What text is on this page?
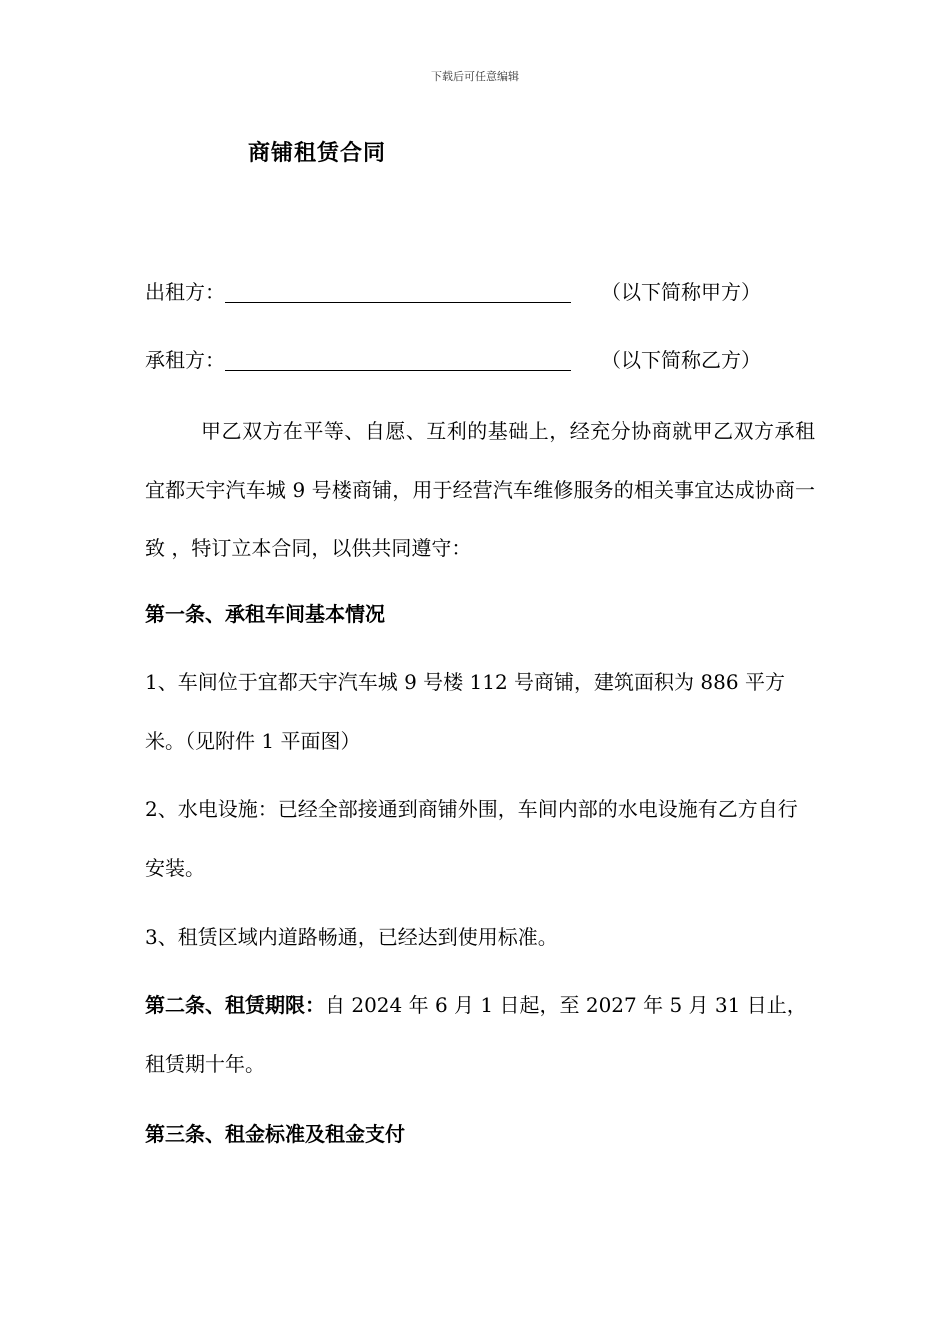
下载后可任意编辑
商铺租赁合同
出租方：	（以下简称甲方）
承租方：	（以下简称乙方）
甲乙双方在平等、自愿、互利的基础上，经充分协商就甲乙双方承租宜都天宇汽车城 9 号楼商铺，用于经营汽车维修服务的相关事宜达成协商一致 ，特订立本合同，以供共同遵守：
第一条、承租车间基本情况
1、车间位于宜都天宇汽车城 9 号楼 112 号商铺，建筑面积为 886 平方米。（见附件 1 平面图）
2、水电设施：已经全部接通到商铺外围，车间内部的水电设施有乙方自行安装。
3、租赁区域内道路畅通，已经达到使用标准。
第二条、租赁期限：自 2024 年 6 月 1 日起，至 2027 年 5 月 31 日止，租赁期十年。
第三条、租金标准及租金支付
